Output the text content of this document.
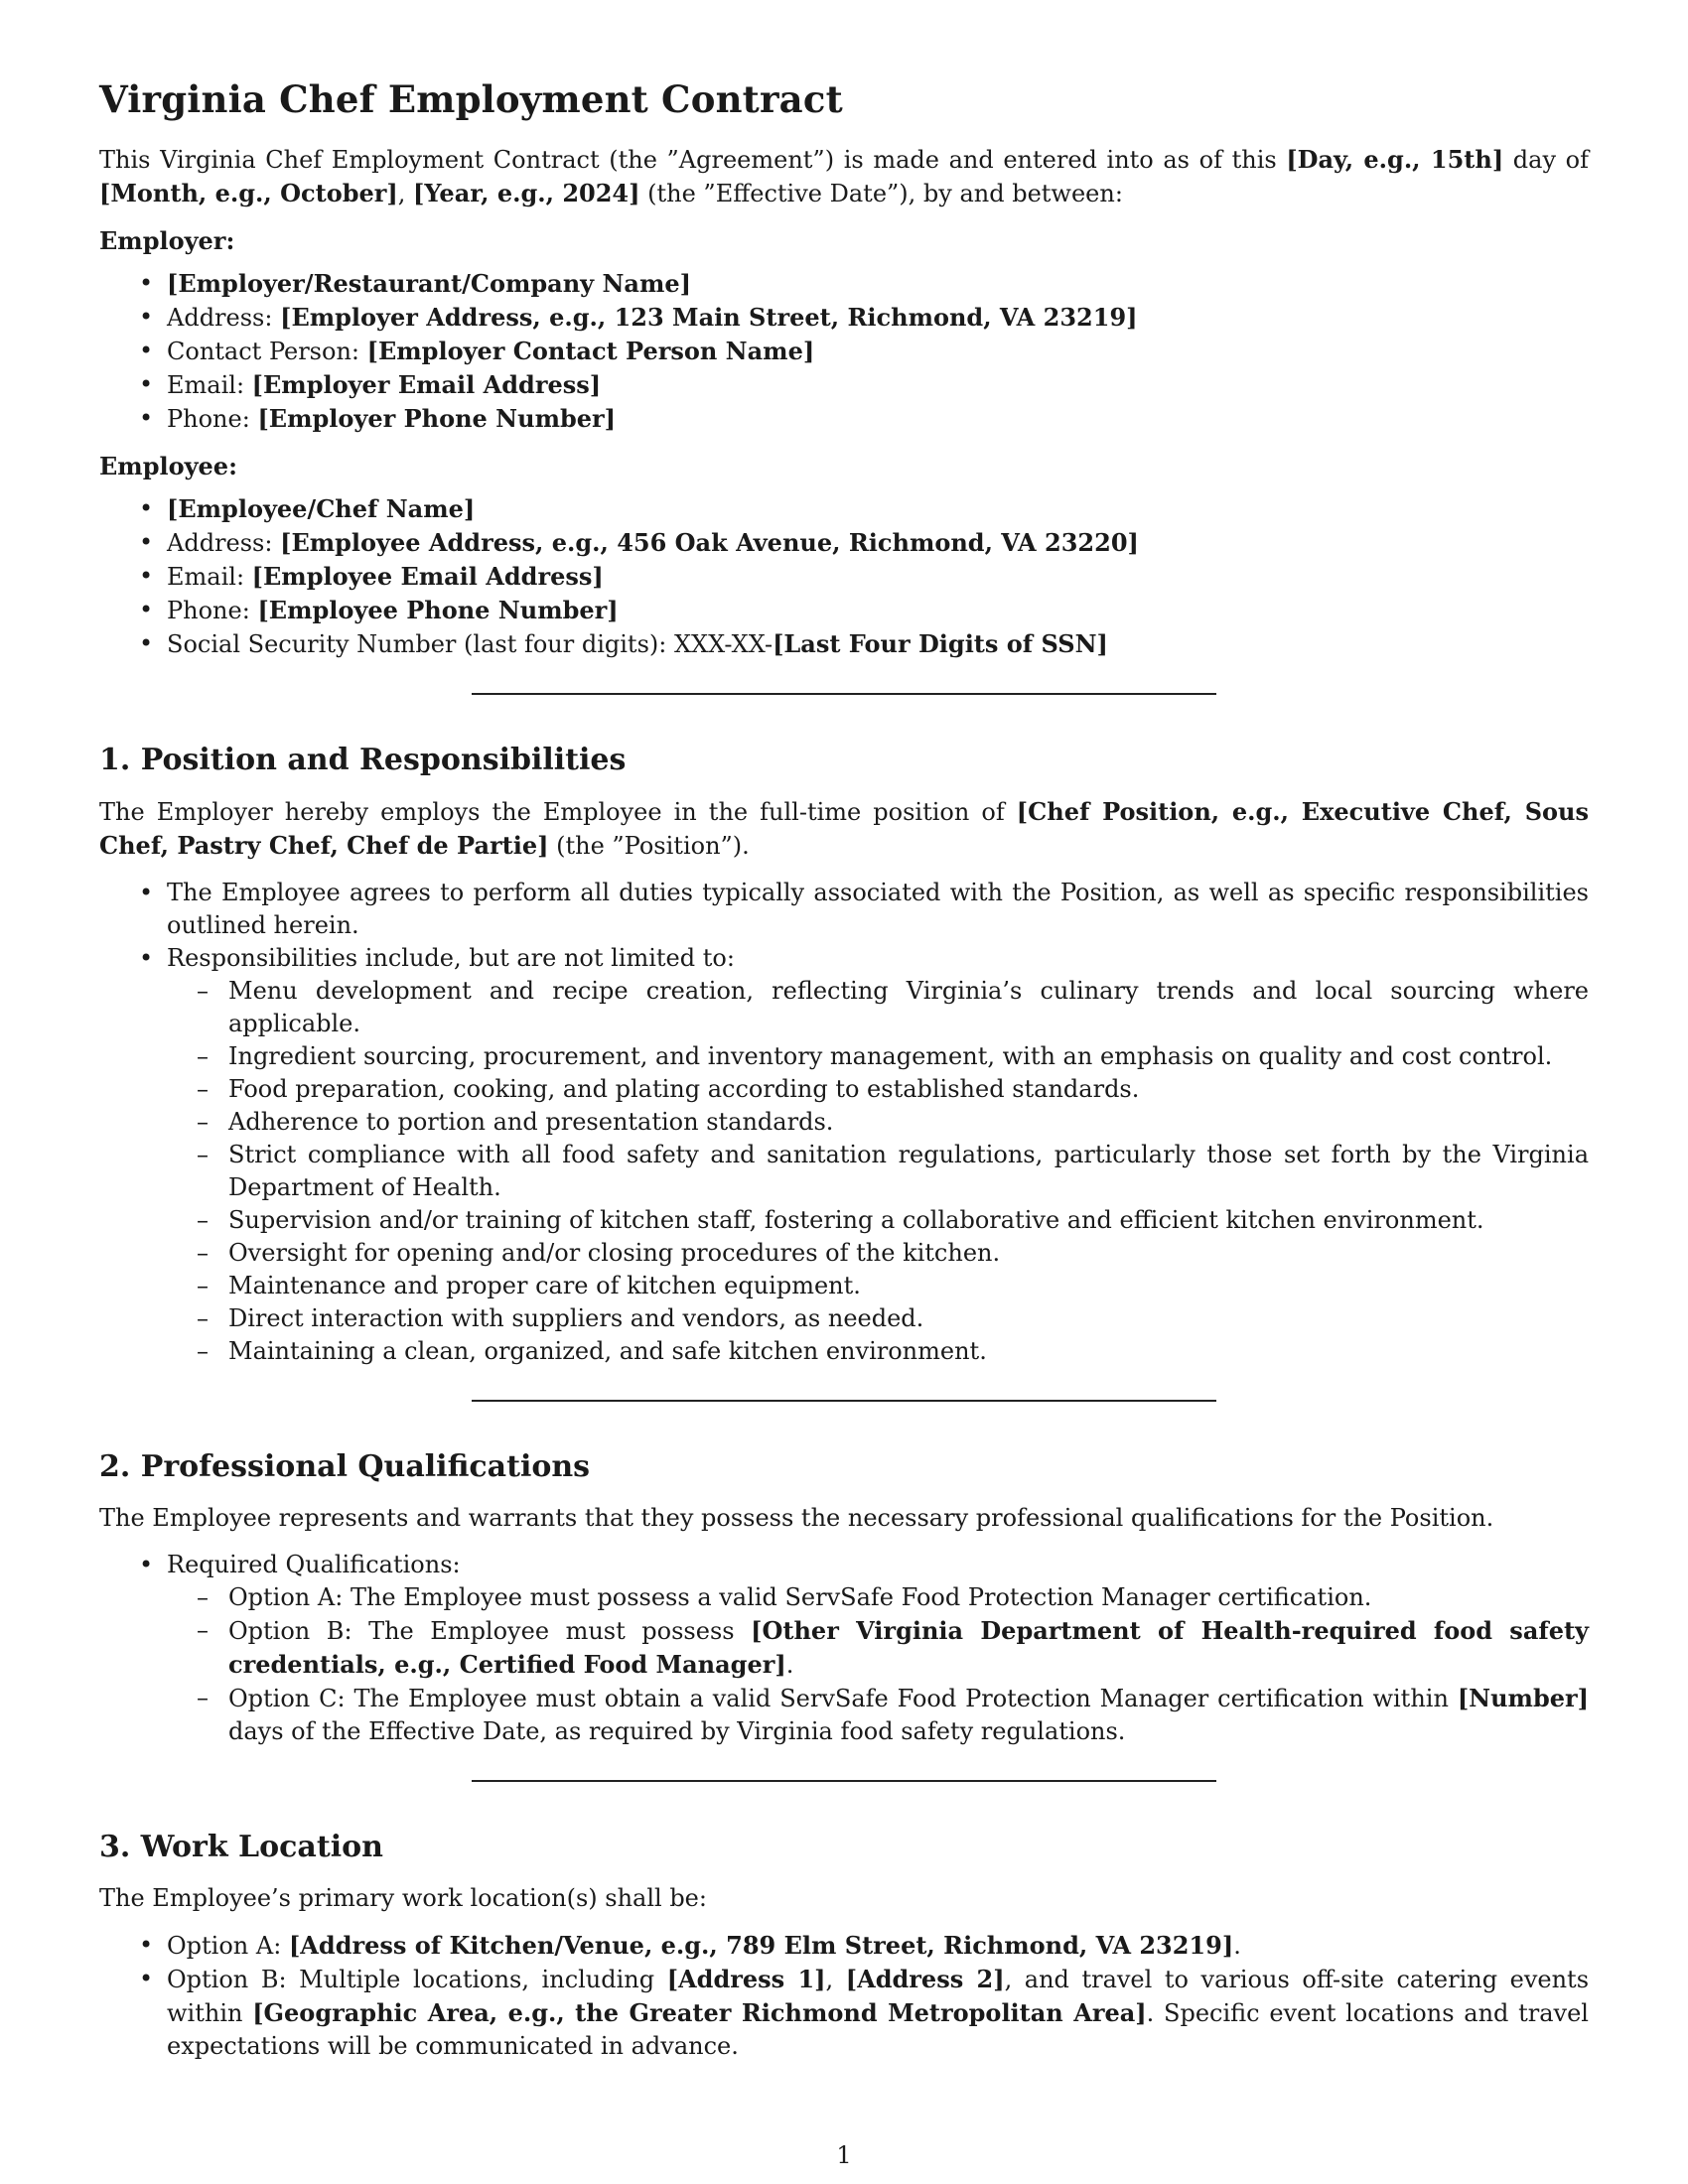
Virginia Chef Employment Contract

This Virginia Chef Employment Contract (the ”Agreement”) is made and entered into as of this [Day, e.g., 15th] day of [Month, e.g., October], [Year, e.g., 2024] (the ”Effective Date”), by and between:

Employer:
• [Employer/Restaurant/Company Name]
• Address: [Employer Address, e.g., 123 Main Street, Richmond, VA 23219]
• Contact Person: [Employer Contact Person Name]
• Email: [Employer Email Address]
• Phone: [Employer Phone Number]
Employee:
• [Employee/Chef Name]
• Address: [Employee Address, e.g., 456 Oak Avenue, Richmond, VA 23220]
• Email: [Employee Email Address]
• Phone: [Employee Phone Number]
• Social Security Number (last four digits): XXX-XX-[Last Four Digits of SSN]
1. Position and Responsibilities

The Employer hereby employs the Employee in the full-time position of [Chef Position, e.g., Executive Chef, Sous Chef, Pastry Chef, Chef de Partie] (the ”Position”).

• The Employee agrees to perform all duties typically associated with the Position, as well as specific responsibilities outlined herein.
• Responsibilities include, but are not limited to:
– Menu development and recipe creation, reflecting Virginia’s culinary trends and local sourcing where applicable.
– Ingredient sourcing, procurement, and inventory management, with an emphasis on quality and cost control.
– Food preparation, cooking, and plating according to established standards.
– Adherence to portion and presentation standards.
– Strict compliance with all food safety and sanitation regulations, particularly those set forth by the Virginia Department of Health.
– Supervision and/or training of kitchen staff, fostering a collaborative and efficient kitchen environment.
– Oversight for opening and/or closing procedures of the kitchen.
– Maintenance and proper care of kitchen equipment.
– Direct interaction with suppliers and vendors, as needed.
– Maintaining a clean, organized, and safe kitchen environment.
2. Professional Qualifications

The Employee represents and warrants that they possess the necessary professional qualifications for the Position.

• Required Qualifications:
– Option A: The Employee must possess a valid ServSafe Food Protection Manager certification.
– Option B: The Employee must possess [Other Virginia Department of Health-required food safety credentials, e.g., Certified Food Manager].
– Option C: The Employee must obtain a valid ServSafe Food Protection Manager certification within [Number] days of the Effective Date, as required by Virginia food safety regulations.
3. Work Location

The Employee’s primary work location(s) shall be:

• Option A: [Address of Kitchen/Venue, e.g., 789 Elm Street, Richmond, VA 23219].
• Option B: Multiple locations, including [Address 1], [Address 2], and travel to various off-site catering events within [Geographic Area, e.g., the Greater Richmond Metropolitan Area]. Specific event locations and travel expectations will be communicated in advance.
1
